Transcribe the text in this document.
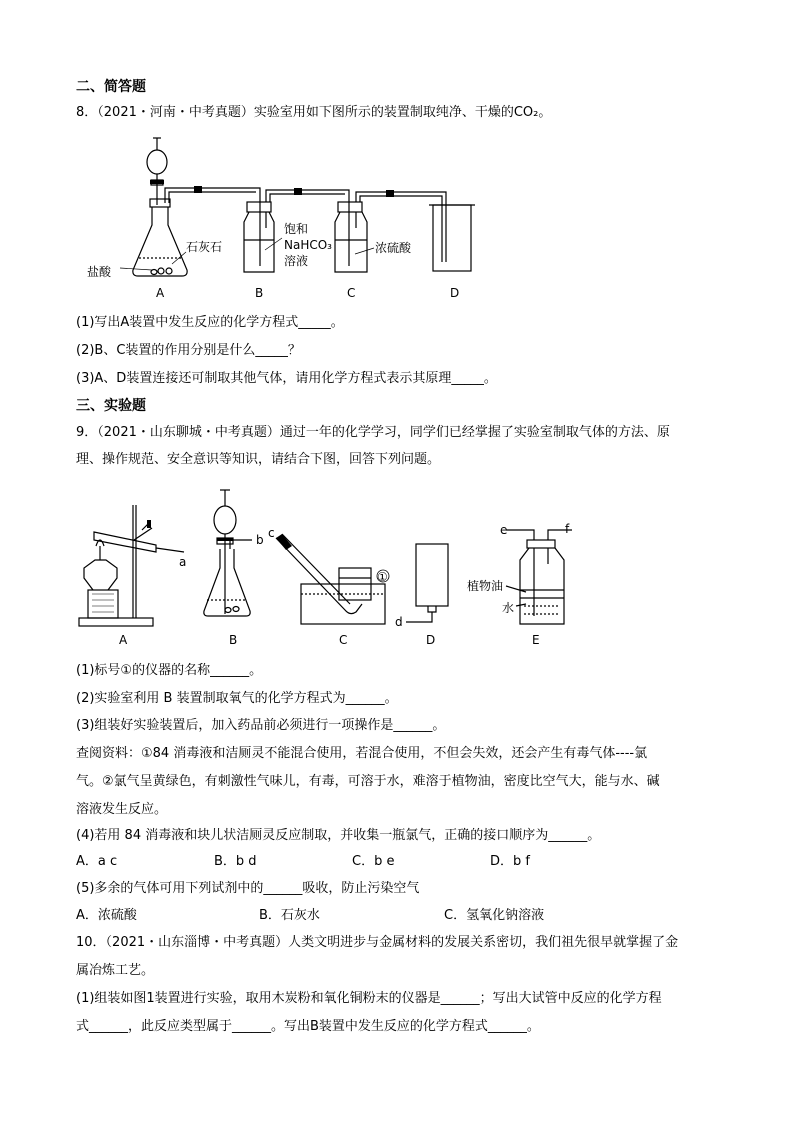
二、简答题
8．（2021・河南・中考真题）实验室用如下图所示的装置制取纯净、干燥的CO₂。
石灰石
盐酸
饱和
NaHCO₃
溶液
浓硫酸
A	B	C	D
(1)写出A装置中发生反应的化学方程式_____。
(2)B、C装置的作用分别是什么_____？
(3)A、D装置连接还可制取其他气体，请用化学方程式表示其原理_____。
三、实验题
9．（2021・山东聊城・中考真题）通过一年的化学学习，同学们已经掌握了实验室制取气体的方法、原
理、操作规范、安全意识等知识，请结合下图，回答下列问题。
a
b c
d
e	f
①
植物油
水
A	B	C	D	E
(1)标号①的仪器的名称______。
(2)实验室利用 B 装置制取氧气的化学方程式为______。
(3)组装好实验装置后，加入药品前必须进行一项操作是______。
查阅资料：①84 消毒液和洁厕灵不能混合使用，若混合使用，不但会失效，还会产生有毒气体----氯
气。②氯气呈黄绿色，有刺激性气味儿，有毒，可溶于水，难溶于植物油，密度比空气大，能与水、碱
溶液发生反应。
(4)若用 84 消毒液和块儿状洁厕灵反应制取，并收集一瓶氯气，正确的接口顺序为______。
A．a c	B．b d	C．b e	D．b f
(5)多余的气体可用下列试剂中的______吸收，防止污染空气
A．浓硫酸	B．石灰水	C．氢氧化钠溶液
10．（2021・山东淄博・中考真题）人类文明进步与金属材料的发展关系密切，我们祖先很早就掌握了金
属冶炼工艺。
(1)组装如图1装置进行实验，取用木炭粉和氧化铜粉末的仪器是______；写出大试管中反应的化学方程
式______，此反应类型属于______。写出B装置中发生反应的化学方程式______。
